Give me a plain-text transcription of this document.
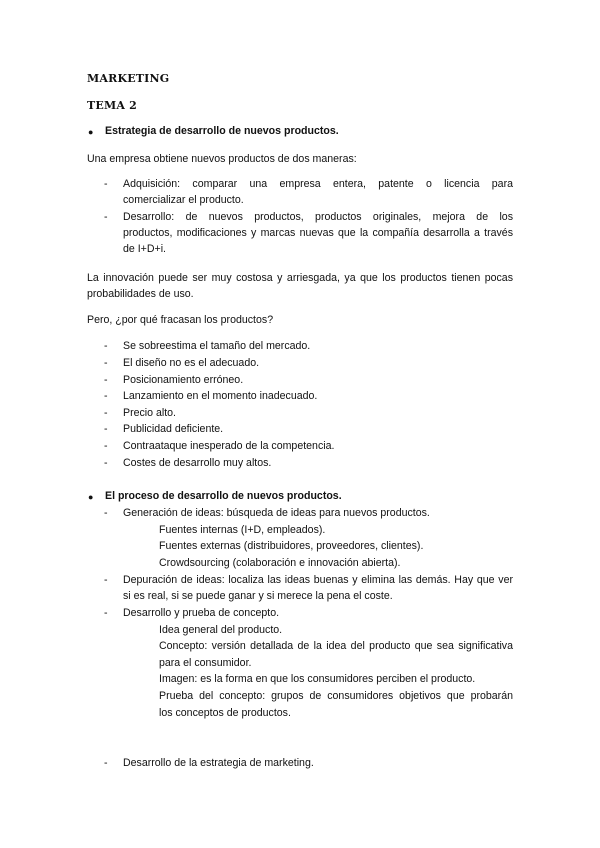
MARKETING
TEMA 2
● Estrategia de desarrollo de nuevos productos.
Una empresa obtiene nuevos productos de dos maneras:
- Adquisición: comparar una empresa entera, patente o licencia para
comercializar el producto.
- Desarrollo: de nuevos productos, productos originales, mejora de los
productos, modificaciones y marcas nuevas que la compañía desarrolla a través
de I+D+i.
La innovación puede ser muy costosa y arriesgada, ya que los productos tienen pocas
probabilidades de uso.
Pero, ¿por qué fracasan los productos?
- Se sobreestima el tamaño del mercado.
- El diseño no es el adecuado.
- Posicionamiento erróneo.
- Lanzamiento en el momento inadecuado.
- Precio alto.
- Publicidad deficiente.
- Contraataque inesperado de la competencia.
- Costes de desarrollo muy altos.
● El proceso de desarrollo de nuevos productos.
- Generación de ideas: búsqueda de ideas para nuevos productos.
Fuentes internas (I+D, empleados).
Fuentes externas (distribuidores, proveedores, clientes).
Crowdsourcing (colaboración e innovación abierta).
- Depuración de ideas: localiza las ideas buenas y elimina las demás. Hay que ver
si es real, si se puede ganar y si merece la pena el coste.
- Desarrollo y prueba de concepto.
Idea general del producto.
Concepto: versión detallada de la idea del producto que sea significativa
para el consumidor.
Imagen: es la forma en que los consumidores perciben el producto.
Prueba del concepto: grupos de consumidores objetivos que probarán
los conceptos de productos.
- Desarrollo de la estrategia de marketing.
